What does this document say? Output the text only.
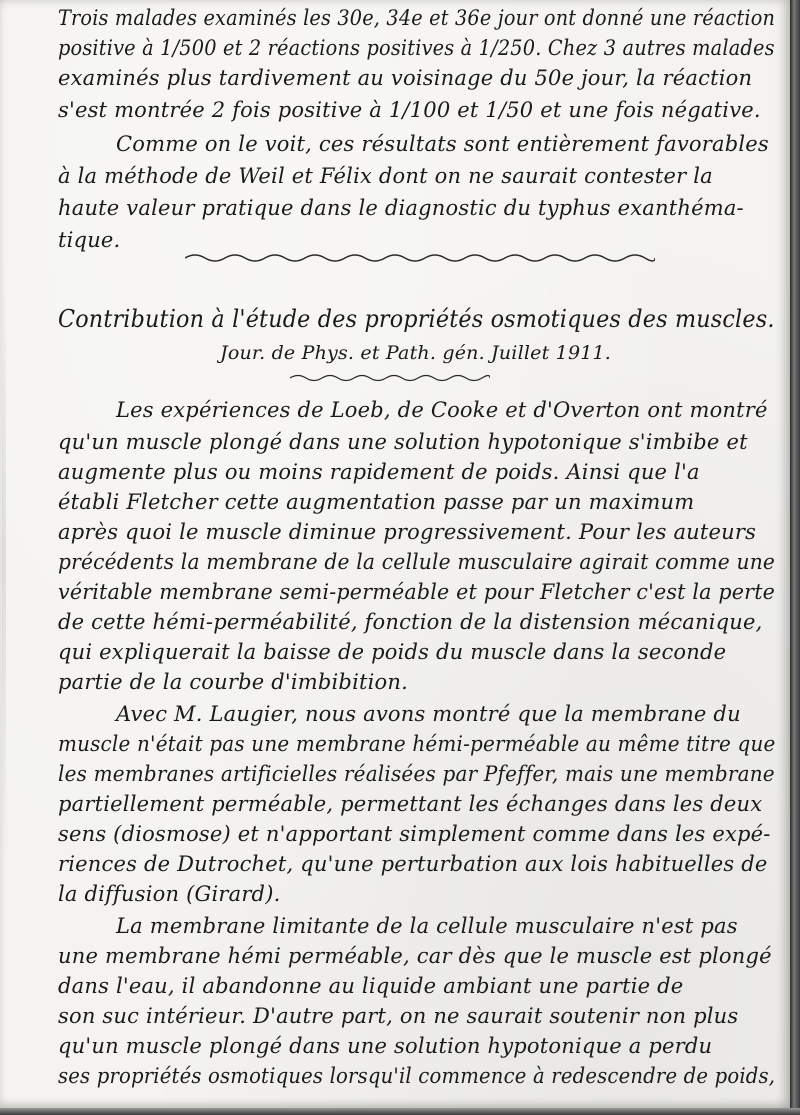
Trois malades examinés les 30e, 34e et 36e jour ont donné une réaction
positive à 1/500 et 2 réactions positives à 1/250. Chez 3 autres malades
examinés plus tardivement au voisinage du 50e jour, la réaction
s'est montrée 2 fois positive à 1/100 et 1/50 et une fois négative.
Comme on le voit, ces résultats sont entièrement favorables
à la méthode de Weil et Félix dont on ne saurait contester la
haute valeur pratique dans le diagnostic du typhus exanthéma-
tique.
Contribution à l'étude des propriétés osmotiques des muscles.
Jour. de Phys. et Path. gén. Juillet 1911.
Les expériences de Loeb, de Cooke et d'Overton ont montré
qu'un muscle plongé dans une solution hypotonique s'imbibe et
augmente plus ou moins rapidement de poids. Ainsi que l'a
établi Fletcher cette augmentation passe par un maximum
après quoi le muscle diminue progressivement. Pour les auteurs
précédents la membrane de la cellule musculaire agirait comme une
véritable membrane semi-perméable et pour Fletcher c'est la perte
de cette hémi-perméabilité, fonction de la distension mécanique,
qui expliquerait la baisse de poids du muscle dans la seconde
partie de la courbe d'imbibition.
Avec M. Laugier, nous avons montré que la membrane du
muscle n'était pas une membrane hémi-perméable au même titre que
les membranes artificielles réalisées par Pfeffer, mais une membrane
partiellement perméable, permettant les échanges dans les deux
sens (diosmose) et n'apportant simplement comme dans les expé-
riences de Dutrochet, qu'une perturbation aux lois habituelles de
la diffusion (Girard).
La membrane limitante de la cellule musculaire n'est pas
une membrane hémi perméable, car dès que le muscle est plongé
dans l'eau, il abandonne au liquide ambiant une partie de
son suc intérieur. D'autre part, on ne saurait soutenir non plus
qu'un muscle plongé dans une solution hypotonique a perdu
ses propriétés osmotiques lorsqu'il commence à redescendre de poids,
